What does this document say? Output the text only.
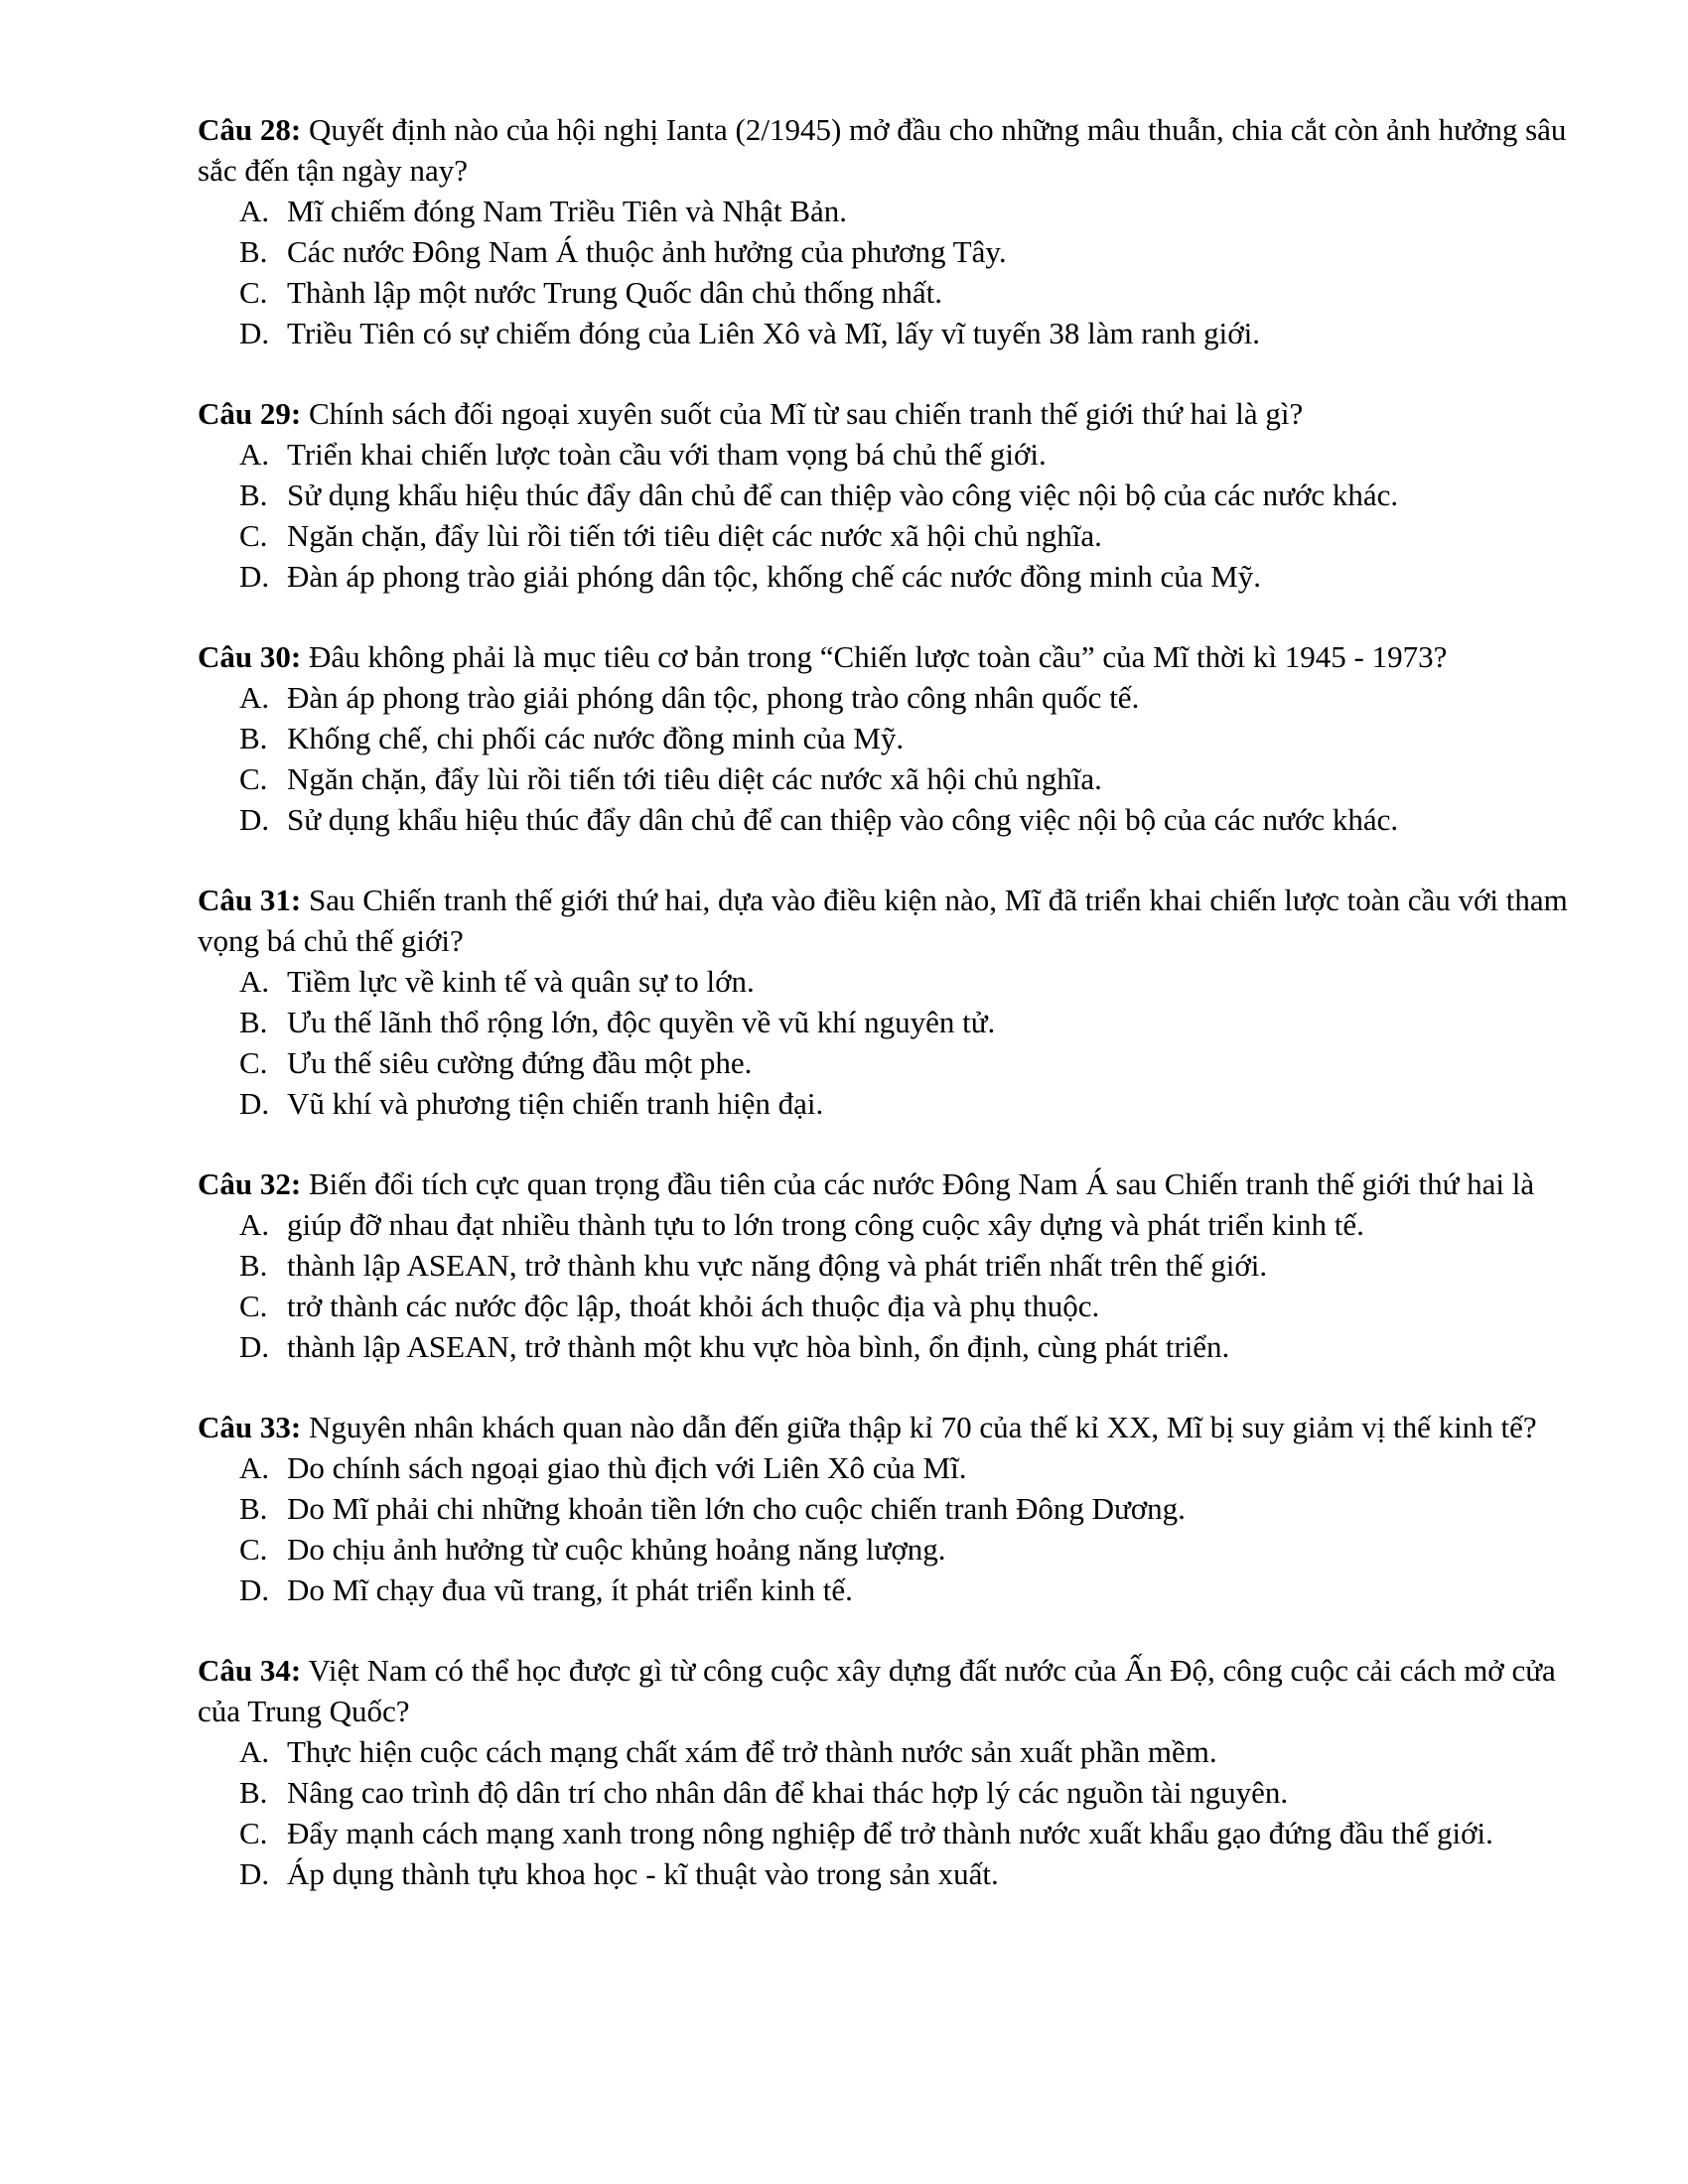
Câu 28: Quyết định nào của hội nghị Ianta (2/1945) mở đầu cho những mâu thuẫn, chia cắt còn ảnh hưởng sâu sắc đến tận ngày nay?

A. Mĩ chiếm đóng Nam Triều Tiên và Nhật Bản.
B. Các nước Đông Nam Á thuộc ảnh hưởng của phương Tây.
C. Thành lập một nước Trung Quốc dân chủ thống nhất.
D. Triều Tiên có sự chiếm đóng của Liên Xô và Mĩ, lấy vĩ tuyến 38 làm ranh giới.

Câu 29: Chính sách đối ngoại xuyên suốt của Mĩ từ sau chiến tranh thế giới thứ hai là gì?

A. Triển khai chiến lược toàn cầu với tham vọng bá chủ thế giới.
B. Sử dụng khẩu hiệu thúc đẩy dân chủ để can thiệp vào công việc nội bộ của các nước khác.
C. Ngăn chặn, đẩy lùi rồi tiến tới tiêu diệt các nước xã hội chủ nghĩa.
D. Đàn áp phong trào giải phóng dân tộc, khống chế các nước đồng minh của Mỹ.

Câu 30: Đâu không phải là mục tiêu cơ bản trong “Chiến lược toàn cầu” của Mĩ thời kì 1945 - 1973?

A. Đàn áp phong trào giải phóng dân tộc, phong trào công nhân quốc tế.
B. Khống chế, chi phối các nước đồng minh của Mỹ.
C. Ngăn chặn, đẩy lùi rồi tiến tới tiêu diệt các nước xã hội chủ nghĩa.
D. Sử dụng khẩu hiệu thúc đẩy dân chủ để can thiệp vào công việc nội bộ của các nước khác.

Câu 31: Sau Chiến tranh thế giới thứ hai, dựa vào điều kiện nào, Mĩ đã triển khai chiến lược toàn cầu với tham vọng bá chủ thế giới?

A. Tiềm lực về kinh tế và quân sự to lớn.
B. Ưu thế lãnh thổ rộng lớn, độc quyền về vũ khí nguyên tử.
C. Ưu thế siêu cường đứng đầu một phe.
D. Vũ khí và phương tiện chiến tranh hiện đại.

Câu 32: Biến đổi tích cực quan trọng đầu tiên của các nước Đông Nam Á sau Chiến tranh thế giới thứ hai là

A. giúp đỡ nhau đạt nhiều thành tựu to lớn trong công cuộc xây dựng và phát triển kinh tế.
B. thành lập ASEAN, trở thành khu vực năng động và phát triển nhất trên thế giới.
C. trở thành các nước độc lập, thoát khỏi ách thuộc địa và phụ thuộc.
D. thành lập ASEAN, trở thành một khu vực hòa bình, ổn định, cùng phát triển.

Câu 33: Nguyên nhân khách quan nào dẫn đến giữa thập kỉ 70 của thế kỉ XX, Mĩ bị suy giảm vị thế kinh tế?

A. Do chính sách ngoại giao thù địch với Liên Xô của Mĩ.
B. Do Mĩ phải chi những khoản tiền lớn cho cuộc chiến tranh Đông Dương.
C. Do chịu ảnh hưởng từ cuộc khủng hoảng năng lượng.
D. Do Mĩ chạy đua vũ trang, ít phát triển kinh tế.

Câu 34: Việt Nam có thể học được gì từ công cuộc xây dựng đất nước của Ấn Độ, công cuộc cải cách mở cửa của Trung Quốc?

A. Thực hiện cuộc cách mạng chất xám để trở thành nước sản xuất phần mềm.
B. Nâng cao trình độ dân trí cho nhân dân để khai thác hợp lý các nguồn tài nguyên.
C. Đẩy mạnh cách mạng xanh trong nông nghiệp để trở thành nước xuất khẩu gạo đứng đầu thế giới.
D. Áp dụng thành tựu khoa học - kĩ thuật vào trong sản xuất.
